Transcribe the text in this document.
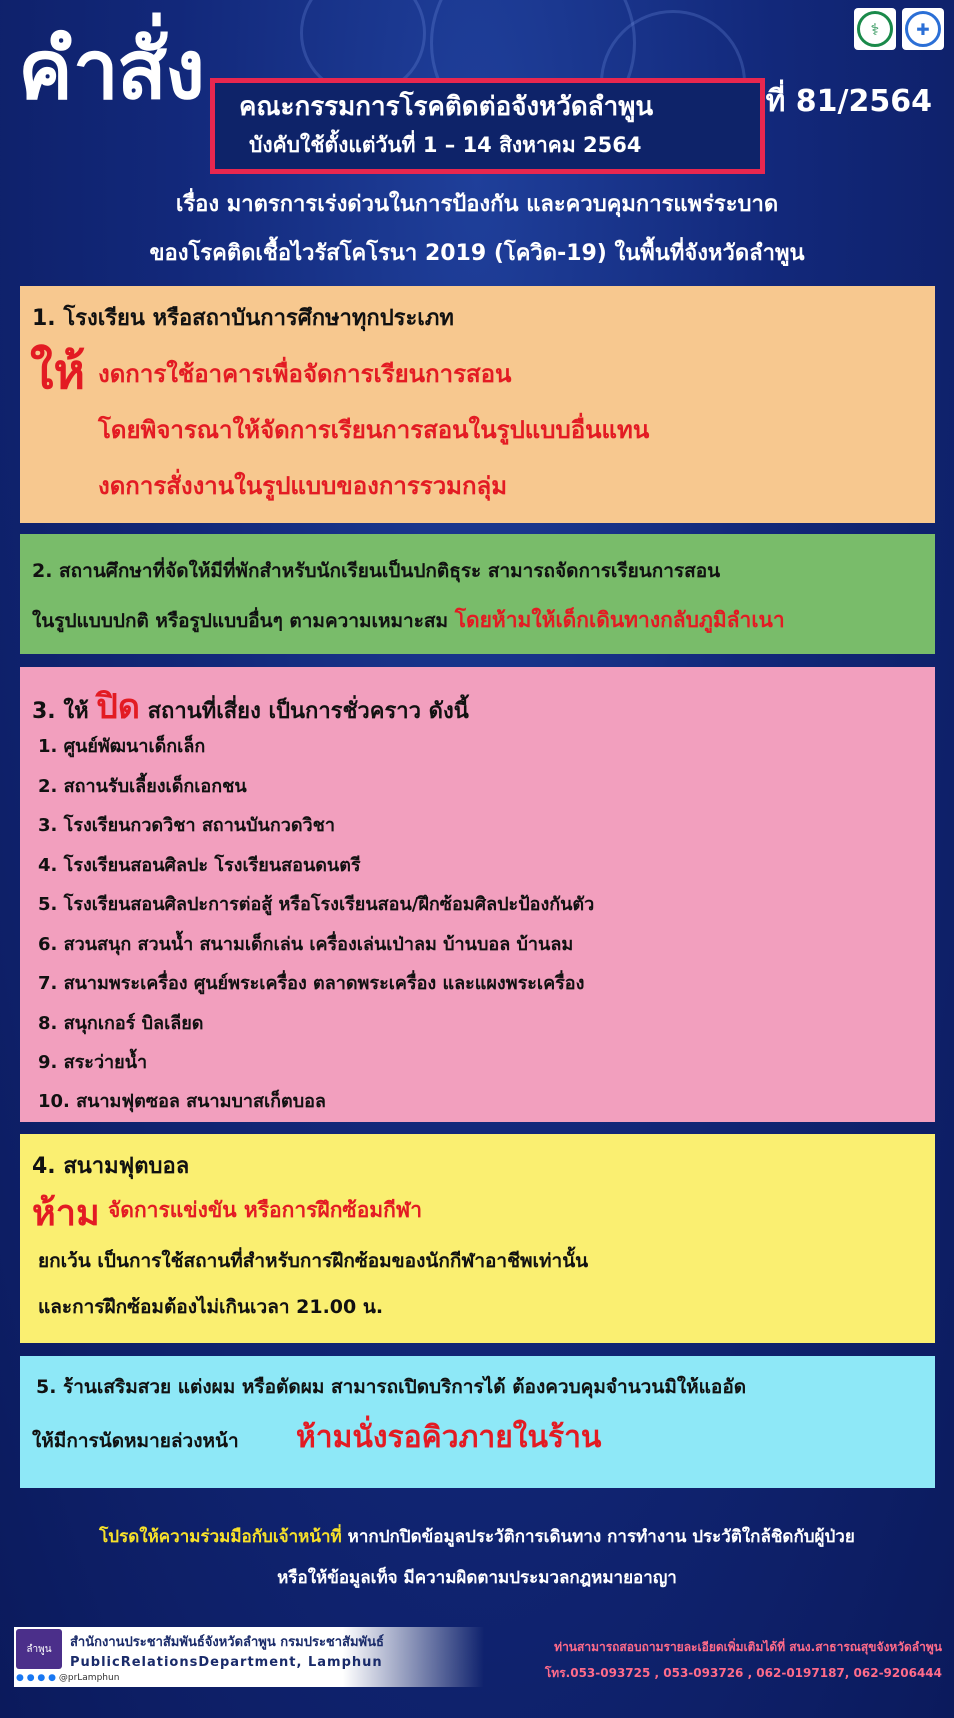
⚕	✚
คำสั่ง	ที่ 81/2564
คณะกรรมการโรคติดต่อจังหวัดลำพูน
บังคับใช้ตั้งแต่วันที่ 1 – 14 สิงหาคม 2564
เรื่อง มาตรการเร่งด่วนในการป้องกัน และควบคุมการแพร่ระบาด
ของโรคติดเชื้อไวรัสโคโรนา 2019 (โควิด-19) ในพื้นที่จังหวัดลำพูน
1. โรงเรียน หรือสถาบันการศึกษาทุกประเภท
ให้ งดการใช้อาคารเพื่อจัดการเรียนการสอน
โดยพิจารณาให้จัดการเรียนการสอนในรูปแบบอื่นแทน
งดการสั่งงานในรูปแบบของการรวมกลุ่ม
2. สถานศึกษาที่จัดให้มีที่พักสำหรับนักเรียนเป็นปกติธุระ สามารถจัดการเรียนการสอน
ในรูปแบบปกติ หรือรูปแบบอื่นๆ ตามความเหมาะสม โดยห้ามให้เด็กเดินทางกลับภูมิลำเนา
3. ให้ ปิด สถานที่เสี่ยง เป็นการชั่วคราว ดังนี้
1. ศูนย์พัฒนาเด็กเล็ก
2. สถานรับเลี้ยงเด็กเอกชน
3. โรงเรียนกวดวิชา สถานบันกวดวิชา
4. โรงเรียนสอนศิลปะ โรงเรียนสอนดนตรี
5. โรงเรียนสอนศิลปะการต่อสู้ หรือโรงเรียนสอน/ฝึกซ้อมศิลปะป้องกันตัว
6. สวนสนุก สวนน้ำ สนามเด็กเล่น เครื่องเล่นเป่าลม บ้านบอล บ้านลม
7. สนามพระเครื่อง ศูนย์พระเครื่อง ตลาดพระเครื่อง และแผงพระเครื่อง
8. สนุกเกอร์ บิลเลียด
9. สระว่ายน้ำ
10. สนามฟุตซอล สนามบาสเก็ตบอล
4. สนามฟุตบอล
ห้าม จัดการแข่งขัน หรือการฝึกซ้อมกีฬา
ยกเว้น เป็นการใช้สถานที่สำหรับการฝึกซ้อมของนักกีฬาอาชีพเท่านั้น
และการฝึกซ้อมต้องไม่เกินเวลา 21.00 น.
5. ร้านเสริมสวย แต่งผม หรือตัดผม สามารถเปิดบริการได้ ต้องควบคุมจำนวนมิให้แออัด
ให้มีการนัดหมายล่วงหน้า ห้ามนั่งรอคิวภายในร้าน
โปรดให้ความร่วมมือกับเจ้าหน้าที่ หากปกปิดข้อมูลประวัติการเดินทาง การทำงาน ประวัติใกล้ชิดกับผู้ป่วย
หรือให้ข้อมูลเท็จ มีความผิดตามประมวลกฎหมายอาญา
ลำพูน	สำนักงานประชาสัมพันธ์จังหวัดลำพูน กรมประชาสัมพันธ์
PublicRelationsDepartment, Lamphun
● ● ● ● @prLamphun
ท่านสามารถสอบถามรายละเอียดเพิ่มเติมได้ที่ สนง.สาธารณสุขจังหวัดลำพูน
โทร.053-093725 , 053-093726 , 062-0197187, 062-9206444
